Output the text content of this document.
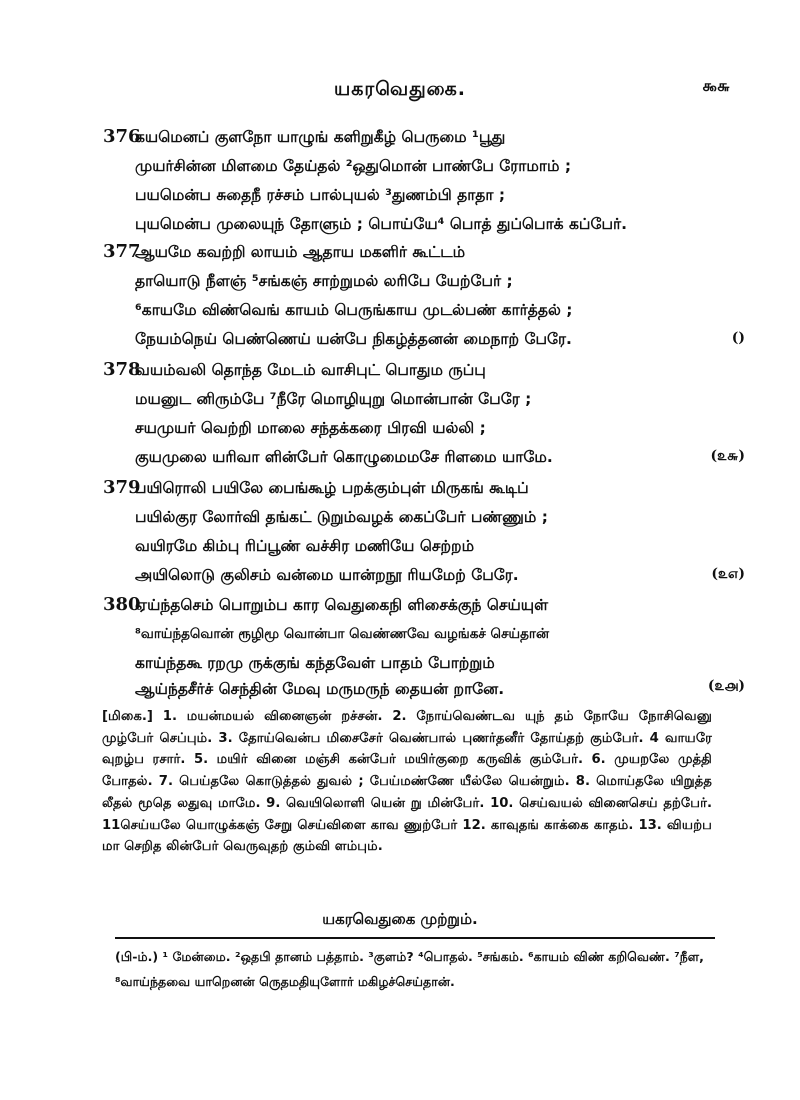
யகரவெதுகை.	௯௬
376
கயமெனப் குளநோ யாழுங் களிறுகீழ் பெருமை ¹பூது
முயர்சின்ன மிளமை தேய்தல் ²ஒதுமொன் பாண்பே ரோமாம் ;
பயமென்ப சுதைநீ ரச்சம் பால்புயல் ³துணம்பி தாதா ;
புயமென்ப முலையுந் தோளும் ; பொய்யே⁴ பொத் துப்பொக் கப்பேர்.
377
ஆயமே கவற்றி லாயம் ஆதாய மகளிர் கூட்டம்
தாயொடு நீளஞ் ⁵சங்கஞ் சாற்றுமல் லரிபே யேற்பேர் ;
⁶காயமே விண்வெங் காயம் பெருங்காய முடல்பண் கார்த்தல் ;
நேயம்நெய் பெண்ணெய் யன்பே நிகழ்த்தனன் மைநாற் பேரே.	()
378
வயம்வலி தொந்த மேடம் வாசிபுட் பொதும ருப்பு
மயனுட னிரும்பே ⁷நீரே மொழியுறு மொன்பான் பேரே ;
சயமுயர் வெற்றி மாலை சந்தக்கரை பிரவி யல்லி ;
குயமுலை யரிவா ளின்பேர் கொழுமைமசே ரிளமை யாமே.	(௨௬)
379
பயிரொலி பயிலே பைங்கூழ் பறக்கும்புள் மிருகங் கூடிப்
பயில்குர லோர்வி தங்கட் டுறும்வழக் கைப்பேர் பண்ணும் ;
வயிரமே கிம்பு ரிப்பூண் வச்சிர மணியே செற்றம்
அயிலொடு குலிசம் வன்மை யான்றநூ ரியமேற் பேரே.	(௨௭)
380
ஏய்ந்தசெம் பொறும்ப கார வெதுகைநி ளிசைக்குந் செய்யுள்
⁸வாய்ந்தவொன் ரூழிமூ வொன்பா வெண்ணவே வழங்கச் செய்தான்
காய்ந்தகூ ரறமு ருக்குங் கந்தவேள் பாதம் போற்றும்
ஆய்ந்தசீர்ச் செந்தின் மேவு மருமருந் தையன் றானே.	(௨௮)
[மிகை.] 1. மயன்மயல் வினைஞன் றச்சன். 2. நோய்வெண்டவ யுந் தம் நோயே நோசிவெனு முழ்பேர் செப்பும். 3. தோய்வென்ப மிசைசேர் வெண்பால் புணர்தனீர் தோய்தற் கும்பேர். 4 வாயரே வுறழ்ப ரசார். 5. மயிர் வினை மஞ்சி கன்பேர் மயிர்குறை கருவிக் கும்பேர். 6. முயறலே முத்தி போதல். 7. பெய்தலே கொடுத்தல் துவல் ; பேய்மண்ணே யீல்லே யென்றும். 8. மொய்தலே யிறுத்த லீதல் மூதெ லதுவு மாமே. 9. வெயிலொளி யென் று மின்பேர். 10. செய்வயல் வினைசெய் தற்பேர். 11செய்யலே யொழுக்கஞ் சேறு செய்விளை காவ ணுற்பேர் 12. காவுதங் காக்கை காதம். 13. வியற்ப மா செறித லின்பேர் வெருவுதற் கும்வி ளம்பும்.
யகரவெதுகை முற்றும்.
(பி-ம்.) ¹ மேன்மை. ²ஒதபி தானம் பத்தாம். ³குளம்? ⁴பொதல். ⁵சங்கம். ⁶காயம் விண் கறிவெண். ⁷நீள, ⁸வாய்ந்தவை யாறெனன் ருெதமதியுளோர் மகிழச்செய்தான்.
